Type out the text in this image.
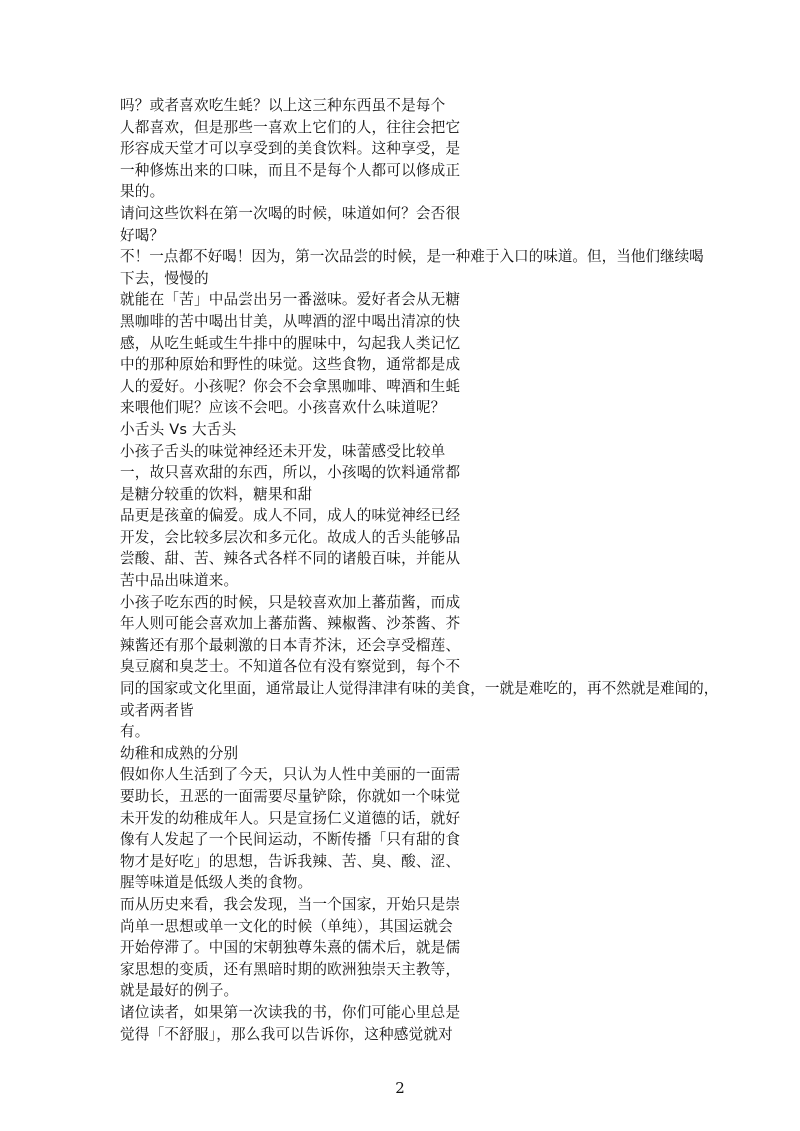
吗？或者喜欢吃生蚝？以上这三种东西虽不是每个
人都喜欢，但是那些一喜欢上它们的人，往往会把它
形容成天堂才可以享受到的美食饮料。这种享受，是
一种修炼出来的口味，而且不是每个人都可以修成正
果的。
请问这些饮料在第一次喝的时候，味道如何？会否很
好喝？
不！一点都不好喝！因为，第一次品尝的时候，是一种难于入口的味道。但，当他们继续喝
下去，慢慢的
就能在「苦」中品尝出另一番滋味。爱好者会从无糖
黑咖啡的苦中喝出甘美，从啤酒的涩中喝出清凉的快
感，从吃生蚝或生牛排中的腥味中，勾起我人类记忆
中的那种原始和野性的味觉。这些食物，通常都是成
人的爱好。小孩呢？你会不会拿黑咖啡、啤酒和生蚝
来喂他们呢？应该不会吧。小孩喜欢什么味道呢？
小舌头 Vs 大舌头
小孩子舌头的味觉神经还未开发，味蕾感受比较单
一，故只喜欢甜的东西，所以，小孩喝的饮料通常都
是糖分较重的饮料，糖果和甜
品更是孩童的偏爱。成人不同，成人的味觉神经已经
开发，会比较多层次和多元化。故成人的舌头能够品
尝酸、甜、苦、辣各式各样不同的诸般百味，并能从
苦中品出味道来。
小孩子吃东西的时候，只是较喜欢加上蕃茄酱，而成
年人则可能会喜欢加上蕃茄酱、辣椒酱、沙茶酱、芥
辣酱还有那个最刺激的日本青芥沫，还会享受榴莲、
臭豆腐和臭芝士。不知道各位有没有察觉到，每个不
同的国家或文化里面，通常最让人觉得津津有味的美食，一就是难吃的，再不然就是难闻的，
或者两者皆
有。
幼稚和成熟的分别
假如你人生活到了今天，只认为人性中美丽的一面需
要助长，丑恶的一面需要尽量铲除，你就如一个味觉
未开发的幼稚成年人。只是宣扬仁义道德的话，就好
像有人发起了一个民间运动，不断传播「只有甜的食
物才是好吃」的思想，告诉我辣、苦、臭、酸、涩、
腥等味道是低级人类的食物。
而从历史来看，我会发现，当一个国家，开始只是崇
尚单一思想或单一文化的时候（单纯），其国运就会
开始停滞了。中国的宋朝独尊朱熹的儒术后，就是儒
家思想的变质，还有黑暗时期的欧洲独崇天主教等，
就是最好的例子。
诸位读者，如果第一次读我的书，你们可能心里总是
觉得「不舒服」，那么我可以告诉你，这种感觉就对
2
